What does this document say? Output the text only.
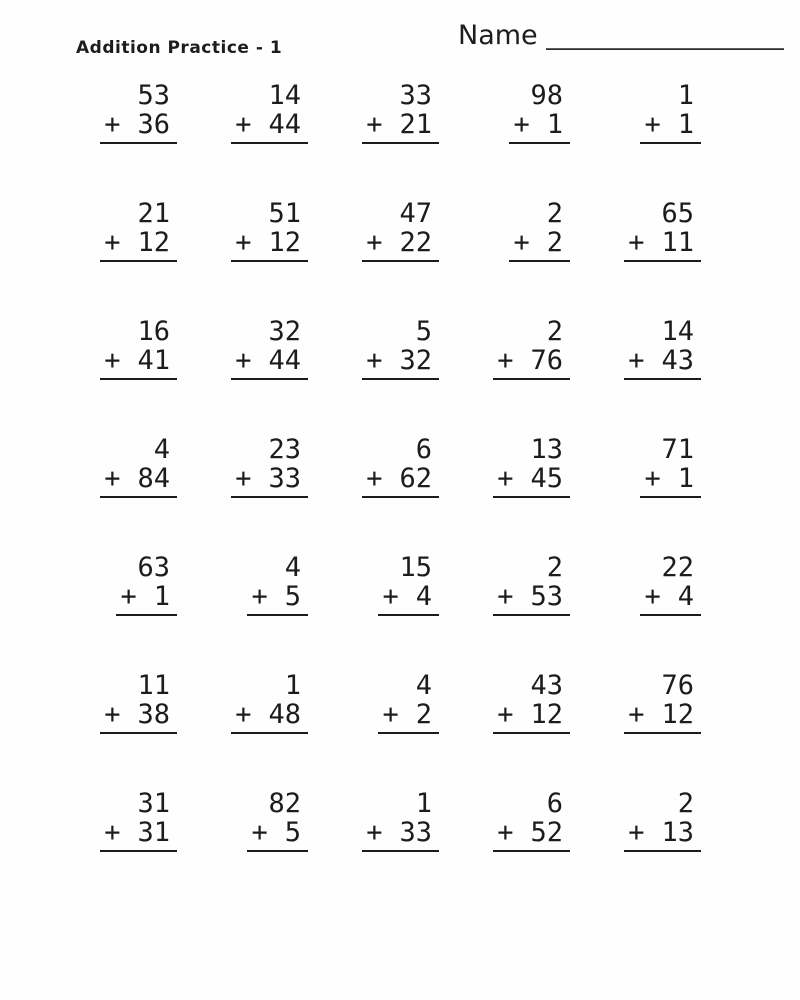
Addition Practice - 1	Name ___________________
53
+ 36
14
+ 44
33
+ 21
98
+ 1
1
+ 1
21
+ 12
51
+ 12
47
+ 22
2
+ 2
65
+ 11
16
+ 41
32
+ 44
5
+ 32
2
+ 76
14
+ 43
4
+ 84
23
+ 33
6
+ 62
13
+ 45
71
+ 1
63
+ 1
4
+ 5
15
+ 4
2
+ 53
22
+ 4
11
+ 38
1
+ 48
4
+ 2
43
+ 12
76
+ 12
31
+ 31
82
+ 5
1
+ 33
6
+ 52
2
+ 13
